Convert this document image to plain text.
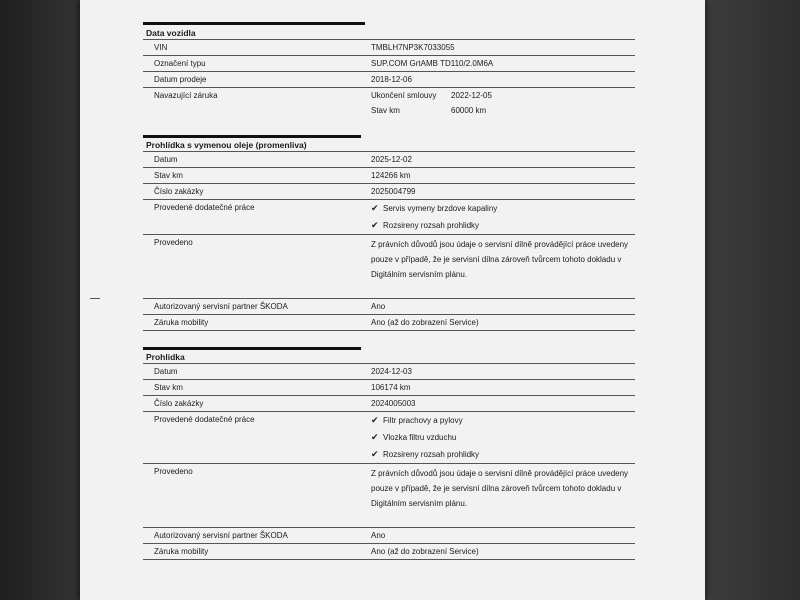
Data vozidla
VIN	TMBLH7NP3K7033055
Označení typu	SUP.COM GrtAMB TD110/2.0M6A
Datum prodeje	2018-12-06
Navazující záruka	Ukončení smlouvy	2022-12-05
Stav km	60000 km
Prohlídka s vymenou oleje (promenliva)
Datum	2025-12-02
Stav km	124266 km
Číslo zakázky	2025004799
Provedené dodatečné práce	✔ Servis vymeny brzdove kapaliny
✔ Rozsireny rozsah prohlidky
Provedeno	Z právních důvodů jsou údaje o servisní dílně provádějící práce uvedeny pouze v případě, že je servisní dílna zároveň tvůrcem tohoto dokladu v Digitálním servisním plánu.
Autorizovaný servisní partner ŠKODA	Ano
Záruka mobility	Ano (až do zobrazení Service)
Prohlidka
Datum	2024-12-03
Stav km	106174 km
Číslo zakázky	2024005003
Provedené dodatečné práce	✔ Filtr prachovy a pylovy
✔ Vlozka filtru vzduchu
✔ Rozsireny rozsah prohlidky
Provedeno	Z právních důvodů jsou údaje o servisní dílně provádějící práce uvedeny pouze v případě, že je servisní dílna zároveň tvůrcem tohoto dokladu v Digitálním servisním plánu.
Autorizovaný servisní partner ŠKODA	Ano
Záruka mobility	Ano (až do zobrazení Service)
